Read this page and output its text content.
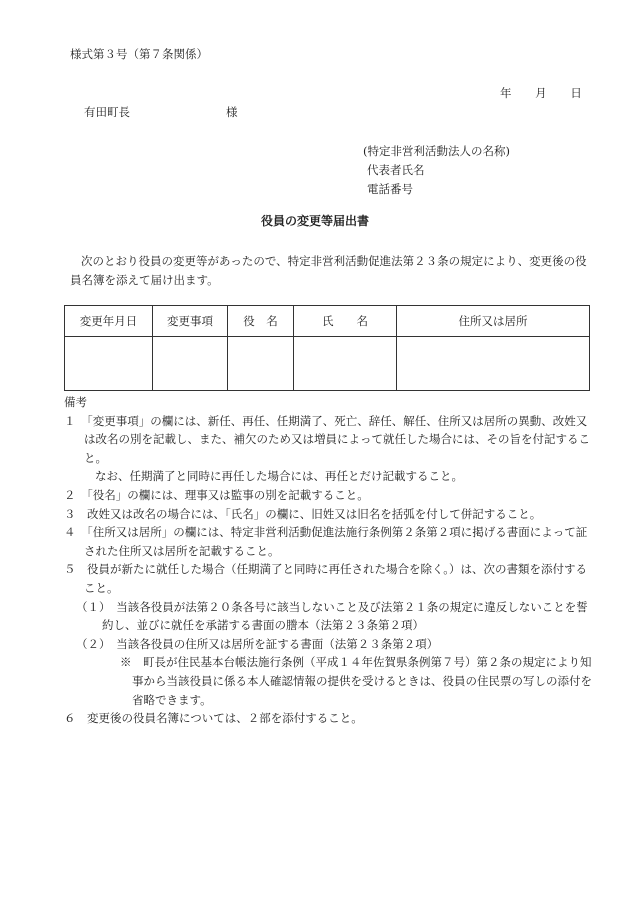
様式第３号（第７条関係）
年 月 日
有田町長	様
(特定非営利活動法人の名称)
代表者氏名
電話番号
役員の変更等届出書
次のとおり役員の変更等があったので、特定非営利活動促進法第２３条の規定により、変更後の役員名簿を添えて届け出ます。
変更年月日	変更事項	役　名	氏　　名	住所又は居所

備考

１　「変更事項」の欄には、新任、再任、任期満了、死亡、辞任、解任、住所又は居所の異動、改姓又は改名の別を記載し、また、補欠のため又は増員によって就任した場合には、その旨を付記すること。

なお、任期満了と同時に再任した場合には、再任とだけ記載すること。

２　「役名」の欄には、理事又は監事の別を記載すること。

３　改姓又は改名の場合には、「氏名」の欄に、旧姓又は旧名を括弧を付して併記すること。

４　「住所又は居所」の欄には、特定非営利活動促進法施行条例第２条第２項に掲げる書面によって証された住所又は居所を記載すること。

５　役員が新たに就任した場合（任期満了と同時に再任された場合を除く。）は、次の書類を添付すること。

（１）　当該各役員が法第２０条各号に該当しないこと及び法第２１条の規定に違反しないことを誓約し、並びに就任を承諾する書面の謄本（法第２３条第２項）

（２）　当該各役員の住所又は居所を証する書面（法第２３条第２項）

※　町長が住民基本台帳法施行条例（平成１４年佐賀県条例第７号）第２条の規定により知事から当該役員に係る本人確認情報の提供を受けるときは、役員の住民票の写しの添付を省略できます。

６　変更後の役員名簿については、２部を添付すること。
